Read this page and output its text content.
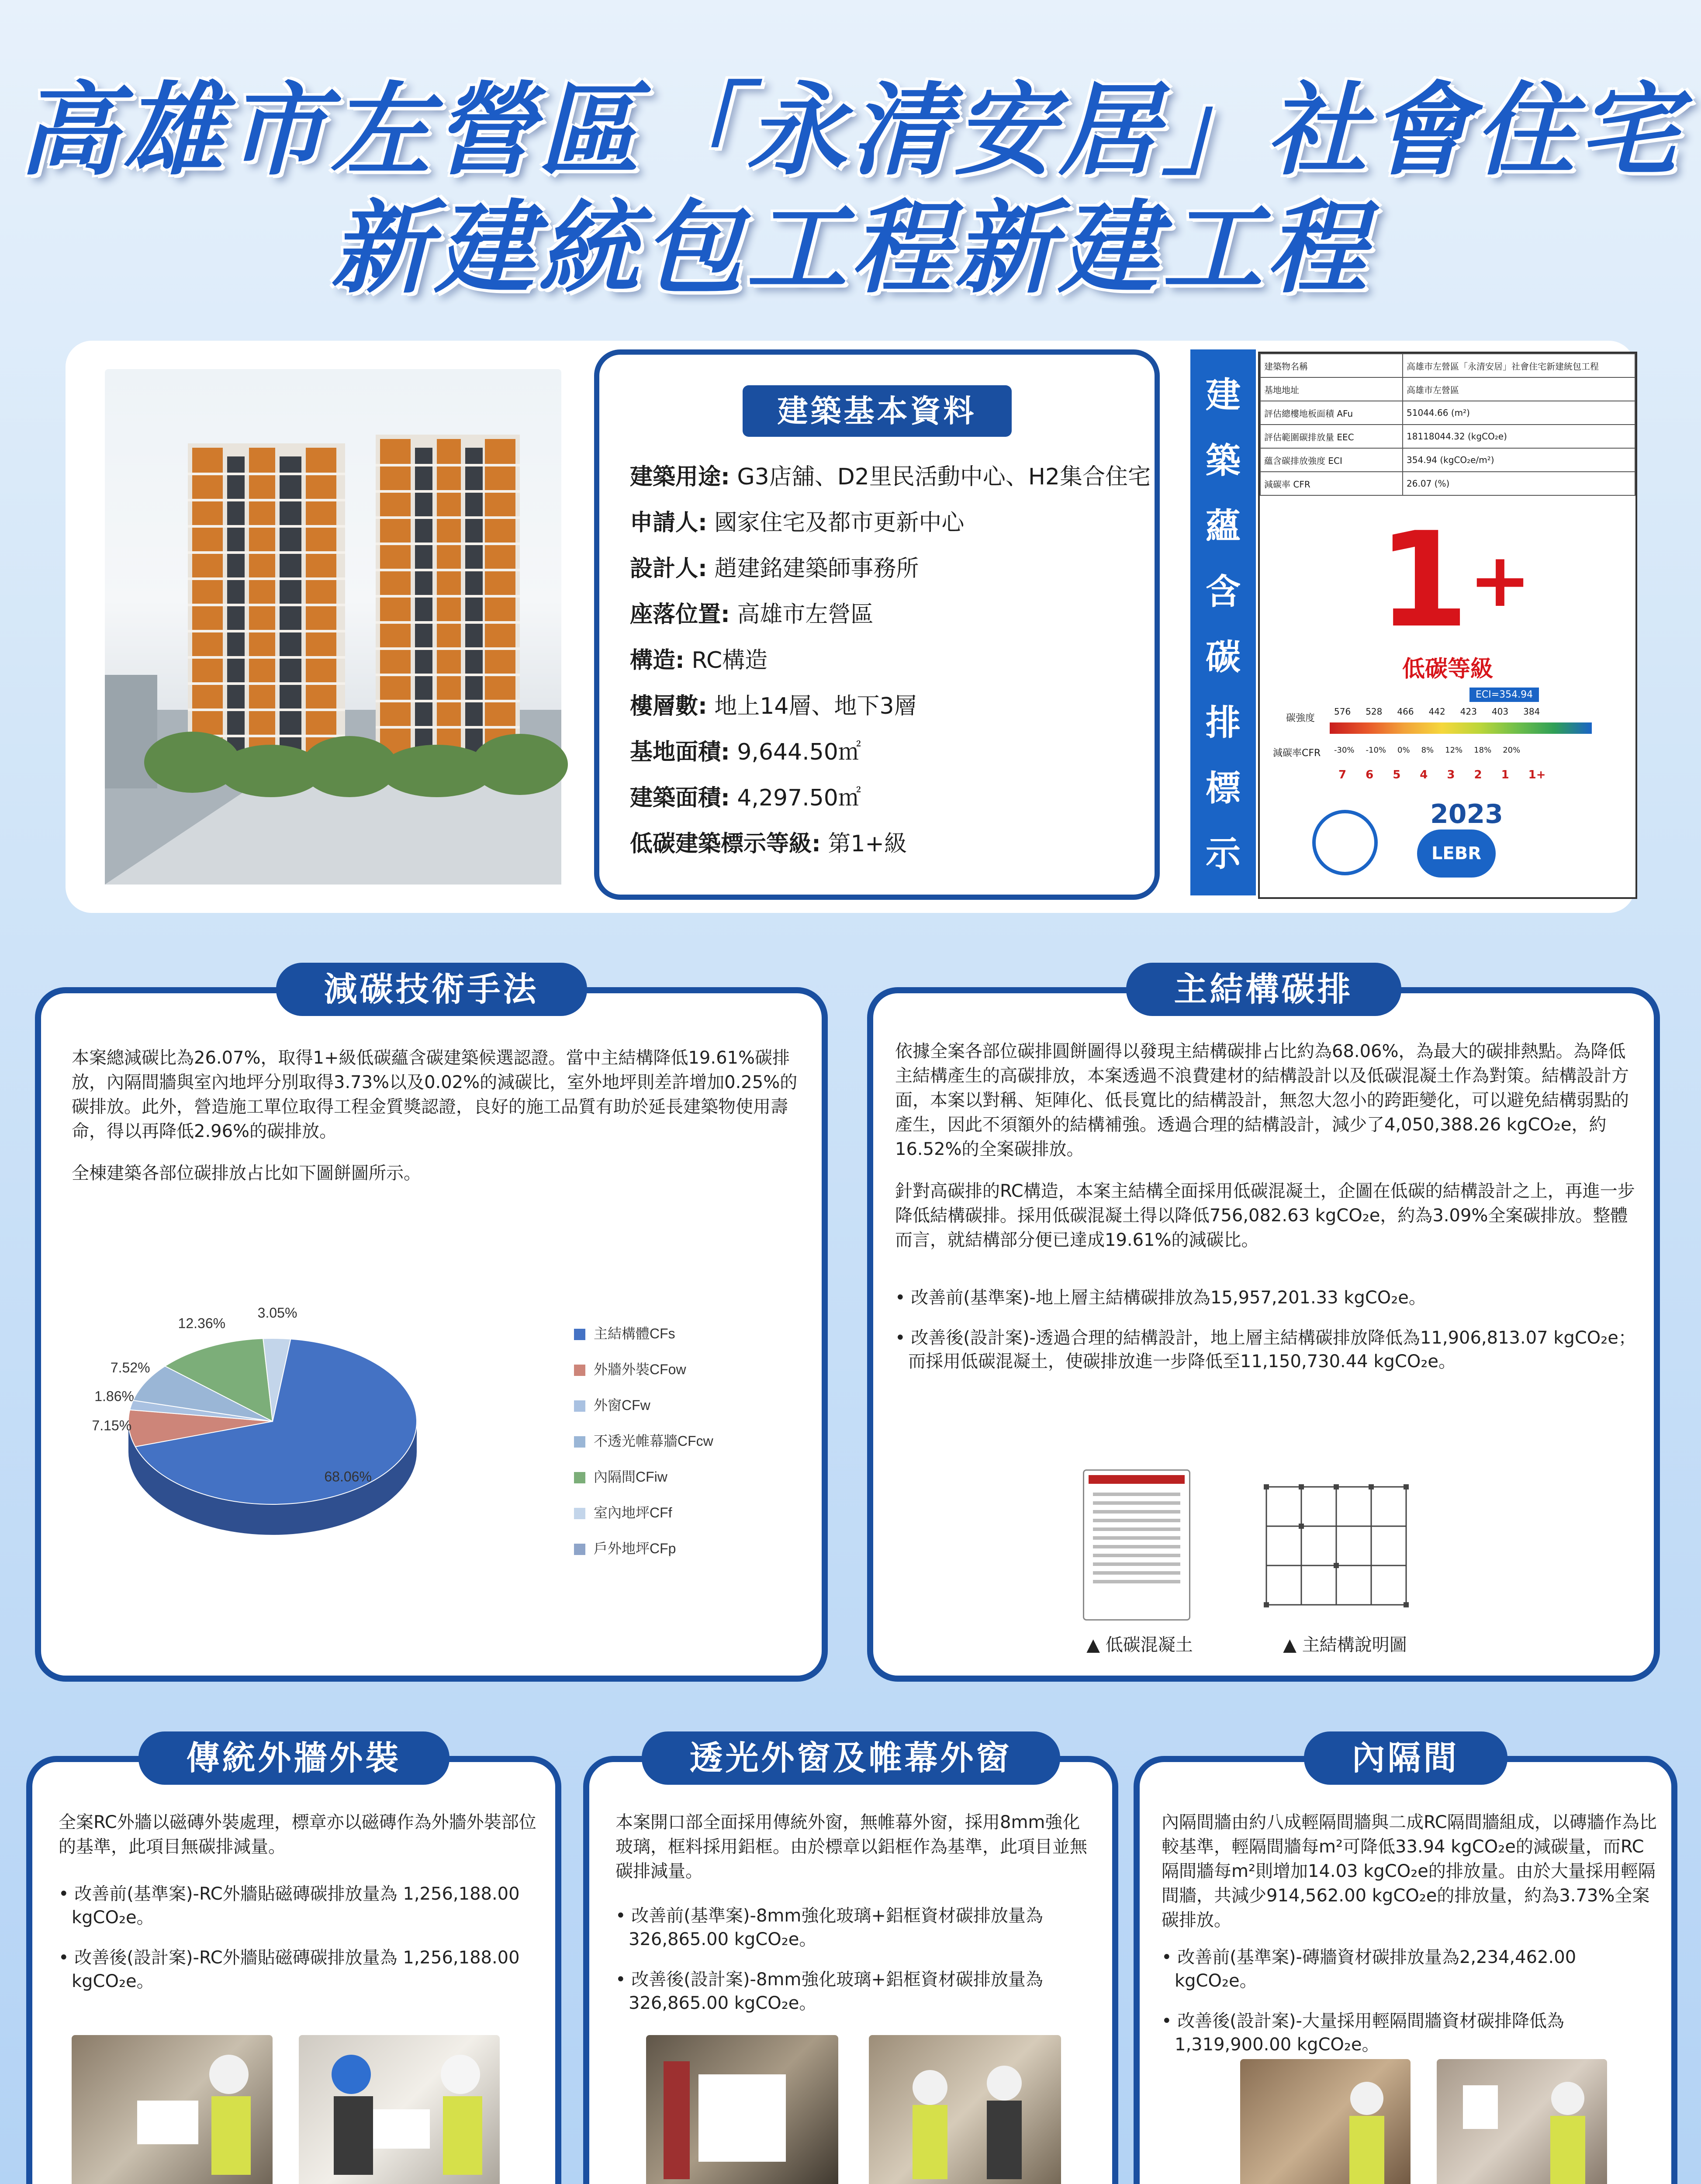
高雄市左營區「永清安居」社會住宅
新建統包工程新建工程
建築基本資料
建築用途: G3店舖、D2里民活動中心、H2集合住宅
申請人: 國家住宅及都市更新中心
設計人: 趙建銘建築師事務所
座落位置: 高雄市左營區
構造: RC構造
樓層數: 地上14層、地下3層
基地面積: 9,644.50㎡
建築面積: 4,297.50㎡
低碳建築標示等級: 第1+級
建
築
蘊
含
碳
排
標
示
建築物名稱	高雄市左營區「永清安居」社會住宅新建統包工程
基地地址	高雄市左營區
評估總樓地板面積 AFu	51044.66 (m²)
評估範圍碳排放量 EEC	18118044.32 (kgCO₂e)
蘊含碳排放強度 ECI	354.94 (kgCO₂e/m²)
減碳率 CFR	26.07 (%)
1+
低碳等級
ECI=354.94
碳強度
576 528 466 442 423 403 384
減碳率CFR -30% -10% 0% 8% 12% 18% 20%
7 6 5 4 3 2 1 1+
2023
LEBR
減碳技術手法

本案總減碳比為26.07%，取得1+級低碳蘊含碳建築候選認證。當中主結構降低19.61%碳排放，內隔間牆與室內地坪分別取得3.73%以及0.02%的減碳比，室外地坪則差許增加0.25%的碳排放。此外，營造施工單位取得工程金質獎認證，良好的施工品質有助於延長建築物使用壽命，得以再降低2.96%的碳排放。

全棟建築各部位碳排放占比如下圖餅圖所示。

68.06%
7.15%
1.86%
7.52%
12.36%
3.05%
主結構體CFs
外牆外裝CFow
外窗CFw
不透光帷幕牆CFcw
內隔間CFiw
室內地坪CFf
戶外地坪CFp
主結構碳排

依據全案各部位碳排圓餅圖得以發現主結構碳排占比約為68.06%，為最大的碳排熱點。為降低主結構產生的高碳排放，本案透過不浪費建材的結構設計以及低碳混凝土作為對策。結構設計方面，本案以對稱、矩陣化、低長寬比的結構設計，無忽大忽小的跨距變化，可以避免結構弱點的產生，因此不須額外的結構補強。透過合理的結構設計，減少了4,050,388.26 kgCO₂e，約16.52%的全案碳排放。

針對高碳排的RC構造，本案主結構全面採用低碳混凝土，企圖在低碳的結構設計之上，再進一步降低結構碳排。採用低碳混凝土得以降低756,082.63 kgCO₂e，約為3.09%全案碳排放。整體而言，就結構部分便已達成19.61%的減碳比。

• 改善前(基準案)-地上層主結構碳排放為15,957,201.33 kgCO₂e。
• 改善後(設計案)-透過合理的結構設計，地上層主結構碳排放降低為11,906,813.07 kgCO₂e；而採用低碳混凝土，使碳排放進一步降低至11,150,730.44 kgCO₂e。
▲ 低碳混凝土	▲ 主結構說明圖
傳統外牆外裝

全案RC外牆以磁磚外裝處理，標章亦以磁磚作為外牆外裝部位的基準，此項目無碳排減量。

• 改善前(基準案)-RC外牆貼磁磚碳排放量為 1,256,188.00 kgCO₂e。
• 改善後(設計案)-RC外牆貼磁磚碳排放量為 1,256,188.00 kgCO₂e。
透光外窗及帷幕外窗

本案開口部全面採用傳統外窗，無帷幕外窗，採用8mm強化玻璃，框料採用鋁框。由於標章以鋁框作為基準，此項目並無碳排減量。

• 改善前(基準案)-8mm強化玻璃+鋁框資材碳排放量為 326,865.00 kgCO₂e。
• 改善後(設計案)-8mm強化玻璃+鋁框資材碳排放量為 326,865.00 kgCO₂e。
內隔間

內隔間牆由約八成輕隔間牆與二成RC隔間牆組成，以磚牆作為比較基準，輕隔間牆每m²可降低33.94 kgCO₂e的減碳量，而RC隔間牆每m²則增加14.03 kgCO₂e的排放量。由於大量採用輕隔間牆，共減少914,562.00 kgCO₂e的排放量，約為3.73%全案碳排放。

• 改善前(基準案)-磚牆資材碳排放量為2,234,462.00 kgCO₂e。
• 改善後(設計案)-大量採用輕隔間牆資材碳排降低為 1,319,900.00 kgCO₂e。
